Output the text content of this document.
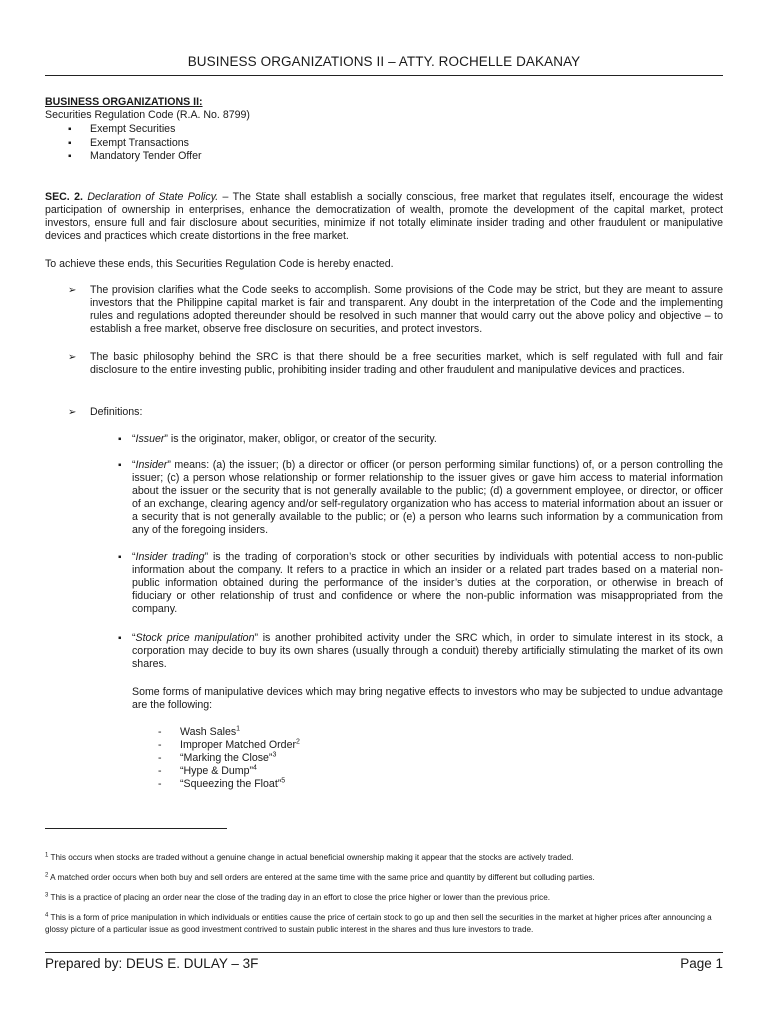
BUSINESS ORGANIZATIONS II – ATTY. ROCHELLE DAKANAY
BUSINESS ORGANIZATIONS II:
Securities Regulation Code (R.A. No. 8799)
▪ Exempt Securities
▪ Exempt Transactions
▪ Mandatory Tender Offer
SEC. 2. Declaration of State Policy. – The State shall establish a socially conscious, free market that regulates itself, encourage the widest participation of ownership in enterprises, enhance the democratization of wealth, promote the development of the capital market, protect investors, ensure full and fair disclosure about securities, minimize if not totally eliminate insider trading and other fraudulent or manipulative devices and practices which create distortions in the free market.
To achieve these ends, this Securities Regulation Code is hereby enacted.
➢ The provision clarifies what the Code seeks to accomplish. Some provisions of the Code may be strict, but they are meant to assure investors that the Philippine capital market is fair and transparent. Any doubt in the interpretation of the Code and the implementing rules and regulations adopted thereunder should be resolved in such manner that would carry out the above policy and objective – to establish a free market, observe free disclosure on securities, and protect investors.
➢ The basic philosophy behind the SRC is that there should be a free securities market, which is self regulated with full and fair disclosure to the entire investing public, prohibiting insider trading and other fraudulent and manipulative devices and practices.
➢ Definitions:
▪ “Issuer” is the originator, maker, obligor, or creator of the security.
▪ “Insider” means: (a) the issuer; (b) a director or officer (or person performing similar functions) of, or a person controlling the issuer; (c) a person whose relationship or former relationship to the issuer gives or gave him access to material information about the issuer or the security that is not generally available to the public; (d) a government employee, or director, or officer of an exchange, clearing agency and/or self-regulatory organization who has access to material information about an issuer or a security that is not generally available to the public; or (e) a person who learns such information by a communication from any of the foregoing insiders.
▪ “Insider trading” is the trading of corporation’s stock or other securities by individuals with potential access to non-public information about the company. It refers to a practice in which an insider or a related part trades based on a material non-public information obtained during the performance of the insider’s duties at the corporation, or otherwise in breach of fiduciary or other relationship of trust and confidence or where the non-public information was misappropriated from the company.
▪ “Stock price manipulation” is another prohibited activity under the SRC which, in order to simulate interest in its stock, a corporation may decide to buy its own shares (usually through a conduit) thereby artificially stimulating the market of its own shares.
Some forms of manipulative devices which may bring negative effects to investors who may be subjected to undue advantage are the following:
- Wash Sales$^1$
- Improper Matched Order$^2$
- “Marking the Close”$^3$
- “Hype & Dump”$^4$
- “Squeezing the Float”$^5$
$^1$ This occurs when stocks are traded without a genuine change in actual beneficial ownership making it appear that the stocks are actively traded.
$^2$ A matched order occurs when both buy and sell orders are entered at the same time with the same price and quantity by different but colluding parties.
$^3$ This is a practice of placing an order near the close of the trading day in an effort to close the price higher or lower than the previous price.
$^4$ This is a form of price manipulation in which individuals or entities cause the price of certain stock to go up and then sell the securities in the market at higher prices after announcing a glossy picture of a particular issue as good investment contrived to sustain public interest in the shares and thus lure investors to trade.
Prepared by: DEUS E. DULAY – 3F	Page 1
